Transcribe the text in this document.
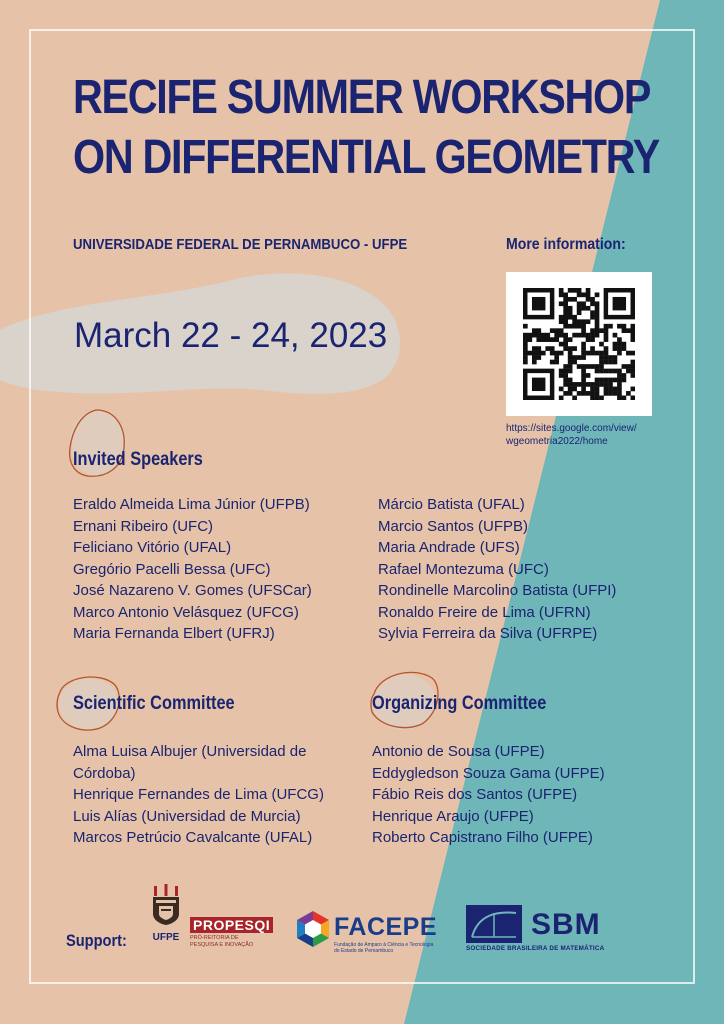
RECIFE SUMMER WORKSHOP
ON DIFFERENTIAL GEOMETRY
UNIVERSIDADE FEDERAL DE PERNAMBUCO - UFPE	More information:
March 22 - 24, 2023
https://sites.google.com/view/
wgeometria2022/home
Invited Speakers
Eraldo Almeida Lima Júnior (UFPB)
Ernani Ribeiro (UFC)
Feliciano Vitório (UFAL)
Gregório Pacelli Bessa (UFC)
José Nazareno V. Gomes (UFSCar)
Marco Antonio Velásquez (UFCG)
Maria Fernanda Elbert (UFRJ)
Márcio Batista (UFAL)
Marcio Santos (UFPB)
Maria Andrade (UFS)
Rafael Montezuma (UFC)
Rondinelle Marcolino Batista (UFPI)
Ronaldo Freire de Lima (UFRN)
Sylvia Ferreira da Silva (UFRPE)
Scientific Committee
Alma Luisa Albujer (Universidad de Córdoba)
Henrique Fernandes de Lima (UFCG)
Luis Alías (Universidad de Murcia)
Marcos Petrúcio Cavalcante (UFAL)
Organizing Committee
Antonio de Sousa (UFPE)
Eddygledson Souza Gama (UFPE)
Fábio Reis dos Santos (UFPE)
Henrique Araujo (UFPE)
Roberto Capistrano Filho (UFPE)
Support:	UFPE
PROPESQI
PRÓ-REITORIA DE PESQUISA E INOVAÇÃO
FACEPE
Fundação de Amparo à Ciência e Tecnologia do Estado de Pernambuco
SBM
SOCIEDADE BRASILEIRA DE MATEMÁTICA
